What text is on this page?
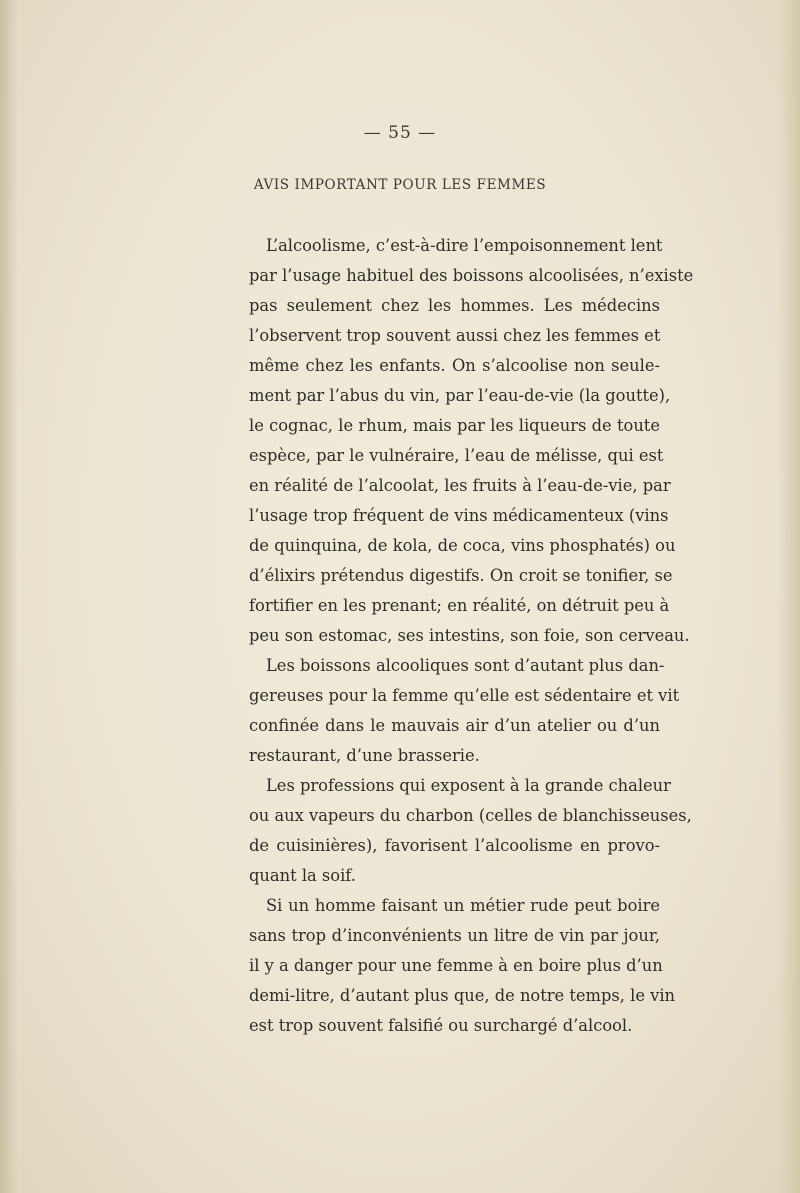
— 55 —
AVIS IMPORTANT POUR LES FEMMES
L’alcoolisme, c’est-à-dire l’empoisonnement lent
par l’usage habituel des boissons alcoolisées, n’existe
pas seulement chez les hommes. Les médecins
l’observent trop souvent aussi chez les femmes et
même chez les enfants. On s’alcoolise non seule-
ment par l’abus du vin, par l’eau-de-vie (la goutte),
le cognac, le rhum, mais par les liqueurs de toute
espèce, par le vulnéraire, l’eau de mélisse, qui est
en réalité de l’alcoolat, les fruits à l’eau-de-vie, par
l’usage trop fréquent de vins médicamenteux (vins
de quinquina, de kola, de coca, vins phosphatés) ou
d’élixirs prétendus digestifs. On croit se tonifier, se
fortifier en les prenant; en réalité, on détruit peu à
peu son estomac, ses intestins, son foie, son cerveau.
Les boissons alcooliques sont d’autant plus dan-
gereuses pour la femme qu’elle est sédentaire et vit
confinée dans le mauvais air d’un atelier ou d’un
restaurant, d’une brasserie.
Les professions qui exposent à la grande chaleur
ou aux vapeurs du charbon (celles de blanchisseuses,
de cuisinières), favorisent l’alcoolisme en provo-
quant la soif.
Si un homme faisant un métier rude peut boire
sans trop d’inconvénients un litre de vin par jour,
il y a danger pour une femme à en boire plus d’un
demi-litre, d’autant plus que, de notre temps, le vin
est trop souvent falsifié ou surchargé d’alcool.
